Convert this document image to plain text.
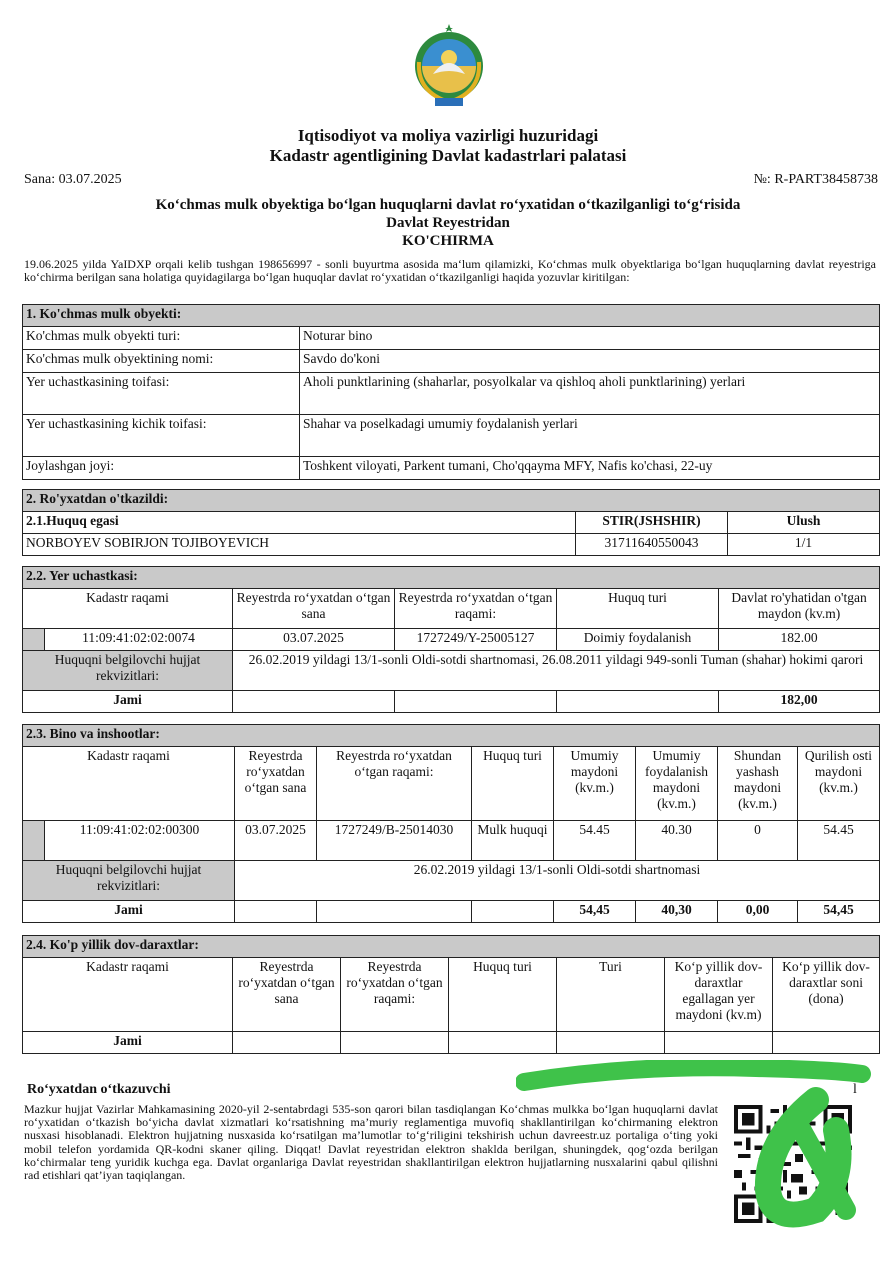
Iqtisodiyot va moliya vazirligi huzuridagi
Kadastr agentligining Davlat kadastrlari palatasi
Sana: 03.07.2025	№: R-PART38458738
Ko‘chmas mulk obyektiga bo‘lgan huquqlarni davlat ro‘yxatidan o‘tkazilganligi to‘g‘risida
Davlat Reyestridan
KO'CHIRMA
19.06.2025 yilda YaIDXP orqali kelib tushgan 198656997 - sonli buyurtma asosida ma‘lum qilamizki, Ko‘chmas mulk obyektlariga bo‘lgan huquqlarning davlat reyestriga ko‘chirma berilgan sana holatiga quyidagilarga bo‘lgan huquqlar davlat ro‘yxatidan o‘tkazilganligi haqida yozuvlar kiritilgan:
1. Ko'chmas mulk obyekti:	
Ko'chmas mulk obyekti turi:	Noturar bino
Ko'chmas mulk obyektining nomi:	Savdo do'koni
Yer uchastkasining toifasi:	Aholi punktlarining (shaharlar, posyolkalar va qishloq aholi punktlarining) yerlari
Yer uchastkasining kichik toifasi:	Shahar va poselkadagi umumiy foydalanish yerlari
Joylashgan joyi:	Toshkent viloyati, Parkent tumani, Cho'qqayma MFY, Nafis ko'chasi, 22-uy
2. Ro'yxatdan o'tkazildi:		
2.1.Huquq egasi	STIR(JSHSHIR)	Ulush
NORBOYEV SOBIRJON TOJIBOYEVICH	31711640550043	1/1
2.2. Yer uchastkasi:					
Kadastr raqami		Reyestrda ro‘yxatdan o‘tgan sana	Reyestrda ro‘yxatdan o‘tgan raqami:	Huquq turi	Davlat ro'yhatidan o'tgan maydon (kv.m)
	11:09:41:02:02:0074	03.07.2025	1727249/Y-25005127	Doimiy foydalanish	182.00
Huquqni belgilovchi hujjat rekvizitlari:		26.02.2019 yildagi 13/1-sonli Oldi-sotdi shartnomasi, 26.08.2011 yildagi 949-sonli Tuman (shahar) hokimi qarori			
Jami					182,00
2.3. Bino va inshootlar:								
Kadastr raqami		Reyestrda ro‘yxatdan o‘tgan sana	Reyestrda ro‘yxatdan o‘tgan raqami:	Huquq turi	Umumiy maydoni (kv.m.)	Umumiy foydalanish maydoni (kv.m.)	Shundan yashash maydoni (kv.m.)	Qurilish osti maydoni (kv.m.)
	11:09:41:02:02:00300	03.07.2025	1727249/B-25014030	Mulk huquqi	54.45	40.30	0	54.45
Huquqni belgilovchi hujjat rekvizitlari:		26.02.2019 yildagi 13/1-sonli Oldi-sotdi shartnomasi						
Jami					54,45	40,30	0,00	54,45
2.4. Ko'p yillik dov-daraxtlar:						
Kadastr raqami	Reyestrda ro‘yxatdan o‘tgan sana	Reyestrda ro‘yxatdan o‘tgan raqami:	Huquq turi	Turi	Ko‘p yillik dov-daraxtlar egallagan yer maydoni (kv.m)	Ko‘p yillik dov-daraxtlar soni (dona)
Jami						
Ro‘yxatdan o‘tkazuvchi	l
Mazkur hujjat Vazirlar Mahkamasining 2020-yil 2-sentabrdagi 535-son qarori bilan tasdiqlangan Ko‘chmas mulkka bo‘lgan huquqlarni davlat ro‘yxatidan o‘tkazish bo‘yicha davlat xizmatlari ko‘rsatishning ma’muriy reglamentiga muvofiq shakllantirilgan ko‘chirmaning elektron nusxasi hisoblanadi. Elektron hujjatning nusxasida ko‘rsatilgan ma’lumotlar to‘g‘riligini tekshirish uchun davreestr.uz portaliga o‘ting yoki mobil telefon yordamida QR-kodni skaner qiling. Diqqat! Davlat reyestridan elektron shaklda berilgan, shuningdek, qog‘ozda berilgan ko‘chirmalar teng yuridik kuchga ega. Davlat organlariga Davlat reyestridan shakllantirilgan elektron hujjatlarning nusxalarini qabul qilishni rad etishlari qat’iyan taqiqlangan.
